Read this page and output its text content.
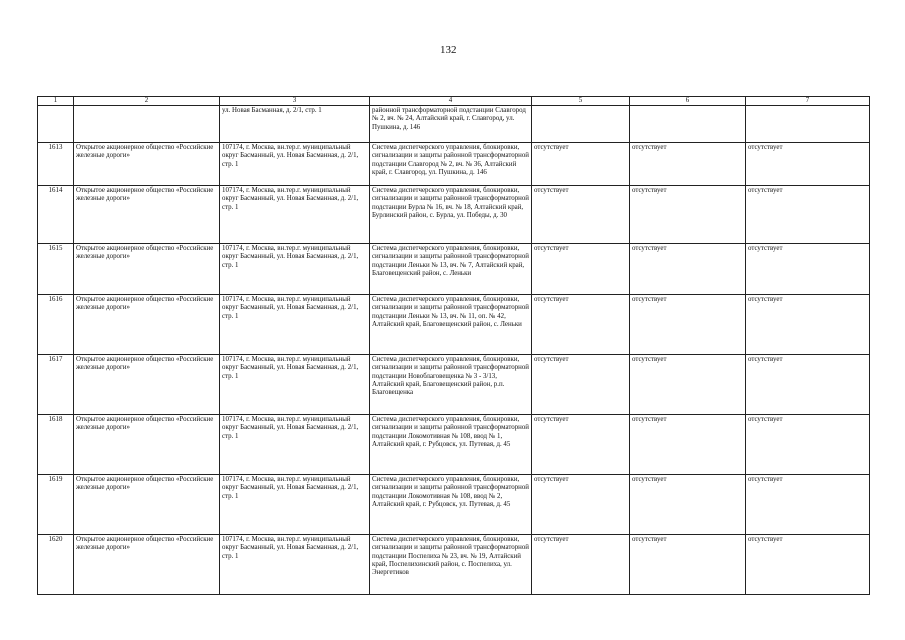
132
1	2	3	4	5	6	7
		ул. Новая Басманная, д. 2/1, стр. 1	районной трансформаторной подстанции Славгород № 2, вч. № 24, Алтайский край, г. Славгород, ул. Пушкина, д. 146			
1613	Открытое акционерное общество «Российские железные дороги»	107174, г. Москва, вн.тер.г. муниципальный округ Басманный, ул. Новая Басманная, д. 2/1, стр. 1	Система диспетчерского управления, блокировки, сигнализации и защиты районной трансформаторной подстанции Славгород № 2, вч. № 36, Алтайский край, г. Славгород, ул. Пушкина, д. 146	отсутствует	отсутствует	отсутствует
1614	Открытое акционерное общество «Российские железные дороги»	107174, г. Москва, вн.тер.г. муниципальный округ Басманный, ул. Новая Басманная, д. 2/1, стр. 1	Система диспетчерского управления, блокировки, сигнализации и защиты районной трансформаторной подстанции Бурла № 16, вч. № 18, Алтайский край, Бурлинский район, с. Бурла, ул. Победы, д. 30	отсутствует	отсутствует	отсутствует
1615	Открытое акционерное общество «Российские железные дороги»	107174, г. Москва, вн.тер.г. муниципальный округ Басманный, ул. Новая Басманная, д. 2/1, стр. 1	Система диспетчерского управления, блокировки, сигнализации и защиты районной трансформаторной подстанции Леньки № 13, вч. № 7, Алтайский край, Благовещенский район, с. Леньки	отсутствует	отсутствует	отсутствует
1616	Открытое акционерное общество «Российские железные дороги»	107174, г. Москва, вн.тер.г. муниципальный округ Басманный, ул. Новая Басманная, д. 2/1, стр. 1	Система диспетчерского управления, блокировки, сигнализации и защиты районной трансформаторной подстанции Леньки № 13, вч. № 11, оп. № 42, Алтайский край, Благовещенский район, с. Леньки	отсутствует	отсутствует	отсутствует
1617	Открытое акционерное общество «Российские железные дороги»	107174, г. Москва, вн.тер.г. муниципальный округ Басманный, ул. Новая Басманная, д. 2/1, стр. 1	Система диспетчерского управления, блокировки, сигнализации и защиты районной трансформаторной подстанции Новоблаговещенка № 3 - 3/13, Алтайский край, Благовещенский район, р.п. Благовещенка	отсутствует	отсутствует	отсутствует
1618	Открытое акционерное общество «Российские железные дороги»	107174, г. Москва, вн.тер.г. муниципальный округ Басманный, ул. Новая Басманная, д. 2/1, стр. 1	Система диспетчерского управления, блокировки, сигнализации и защиты районной трансформаторной подстанции Локомотивная № 108, ввод № 1, Алтайский край, г. Рубцовск, ул. Путевая, д. 45	отсутствует	отсутствует	отсутствует
1619	Открытое акционерное общество «Российские железные дороги»	107174, г. Москва, вн.тер.г. муниципальный округ Басманный, ул. Новая Басманная, д. 2/1, стр. 1	Система диспетчерского управления, блокировки, сигнализации и защиты районной трансформаторной подстанции Локомотивная № 108, ввод № 2, Алтайский край, г. Рубцовск, ул. Путевая, д. 45	отсутствует	отсутствует	отсутствует
1620	Открытое акционерное общество «Российские железные дороги»	107174, г. Москва, вн.тер.г. муниципальный округ Басманный, ул. Новая Басманная, д. 2/1, стр. 1	Система диспетчерского управления, блокировки, сигнализации и защиты районной трансформаторной подстанции Поспелиха № 23, вч. № 19, Алтайский край, Поспелихинский район, с. Поспелиха, ул. Энергетиков	отсутствует	отсутствует	отсутствует
